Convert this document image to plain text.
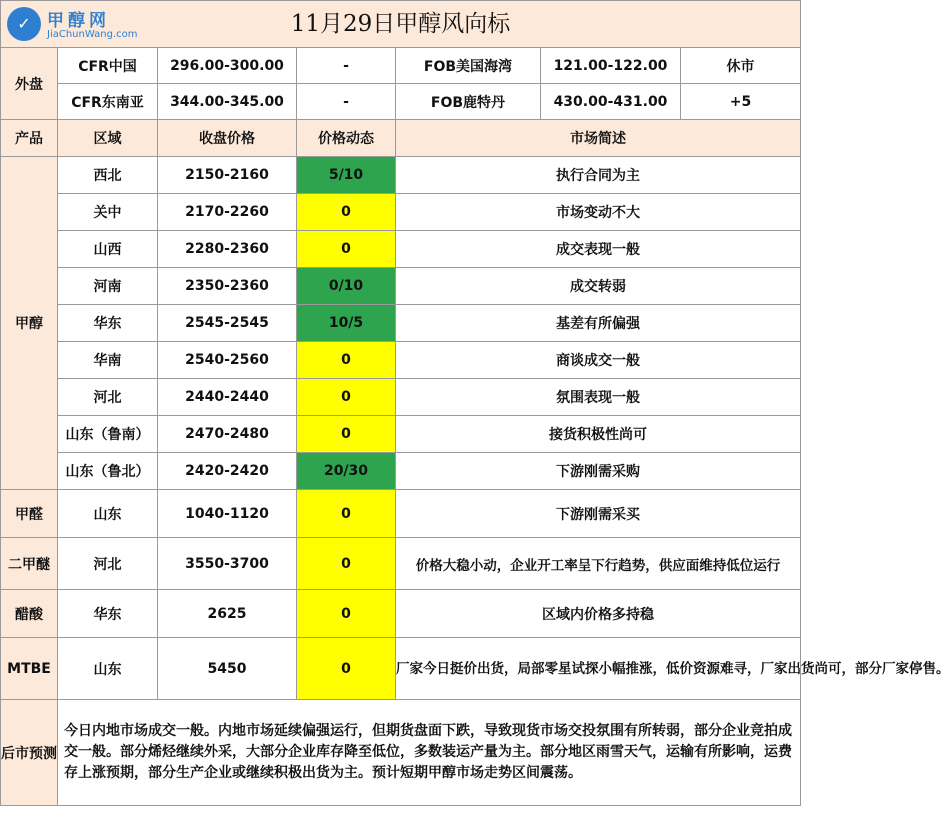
✓ 甲醇网
JiaChunWang.com 11月29日甲醇风向标						

外盘	CFR中国	296.00-300.00	-	FOB美国海湾	121.00-122.00	休市
	CFR东南亚	344.00-345.00	-	FOB鹿特丹	430.00-431.00	+5
产品	区域	收盘价格	价格动态	市场简述		
甲醇	西北	2150-2160	5/10	执行合同为主		
	关中	2170-2260	0	市场变动不大		
	山西	2280-2360	0	成交表现一般		
	河南	2350-2360	0/10	成交转弱		
	华东	2545-2545	10/5	基差有所偏强		
	华南	2540-2560	0	商谈成交一般		
	河北	2440-2440	0	氛围表现一般		
	山东（鲁南）	2470-2480	0	接货积极性尚可		
	山东（鲁北）	2420-2420	20/30	下游刚需采购		
甲醛	山东	1040-1120	0	下游刚需采买		
二甲醚	河北	3550-3700	0	价格大稳小动，企业开工率呈下行趋势，供应面维持低位运行		
醋酸	华东	2625	0	区域内价格多持稳		
MTBE	山东	5450	0	厂家今日挺价出货，局部零星试探小幅推涨，低价资源难寻，厂家出货尚可，部分厂家停售。		
后市预测	今日内地市场成交一般。内地市场延续偏强运行，但期货盘面下跌，导致现货市场交投氛围有所转弱，部分企业竞拍成交一般。部分烯烃继续外采，大部分企业库存降至低位，多数装运产量为主。部分地区雨雪天气，运输有所影响，运费存上涨预期，部分生产企业或继续积极出货为主。预计短期甲醇市场走势区间震荡。					
